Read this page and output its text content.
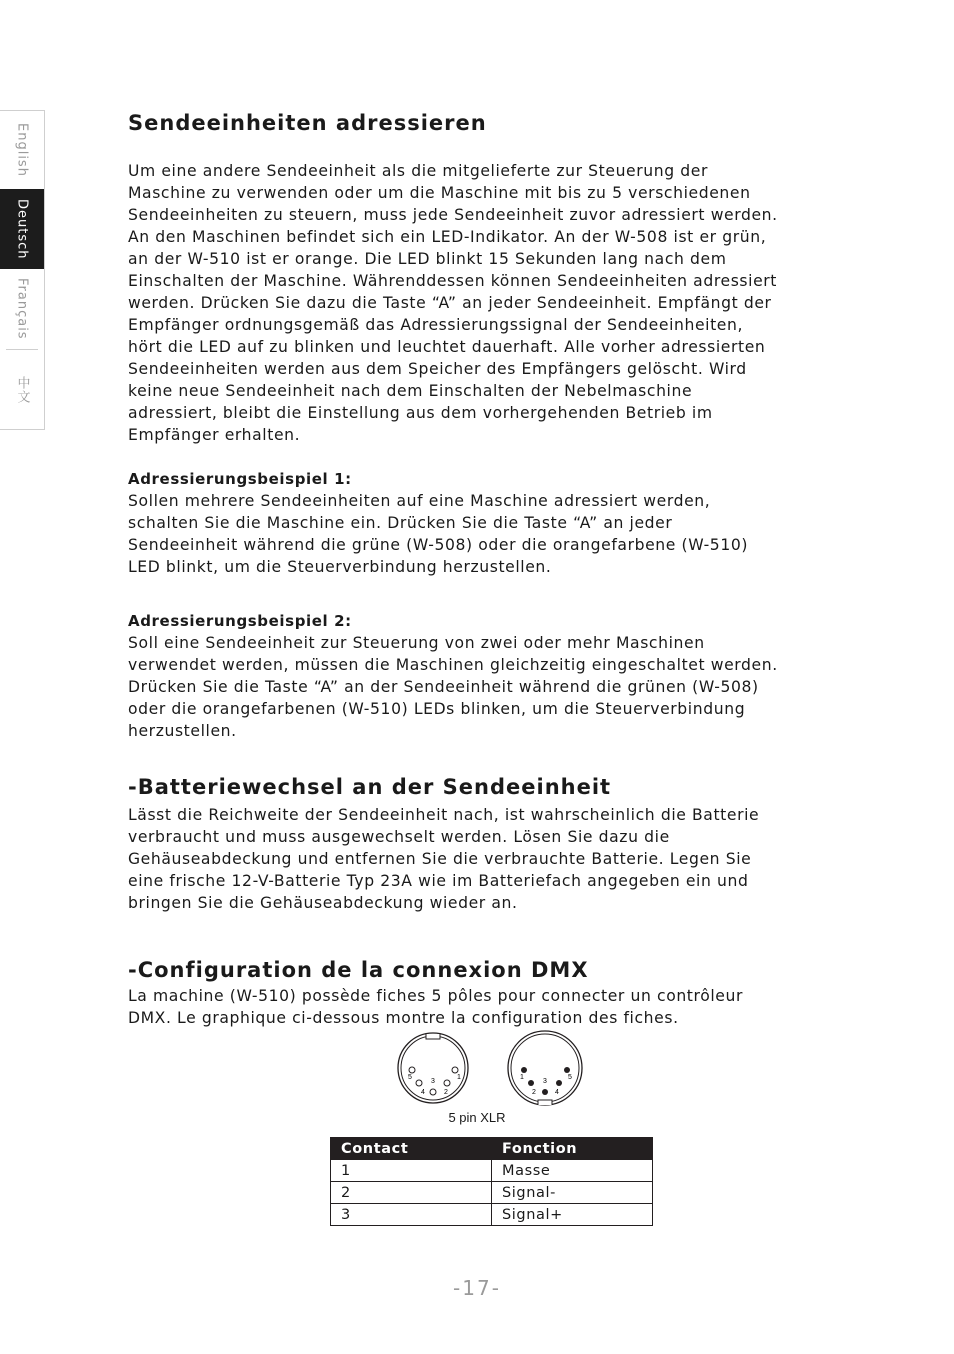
English
Deutsch
Français
中文
Sendeeinheiten adressieren

Um eine andere Sendeeinheit als die mitgelieferte zur Steuerung der

Maschine zu verwenden oder um die Maschine mit bis zu 5 verschiedenen

Sendeeinheiten zu steuern, muss jede Sendeeinheit zuvor adressiert werden.

An den Maschinen befindet sich ein LED-Indikator. An der W-508 ist er grün,

an der W-510 ist er orange. Die LED blinkt 15 Sekunden lang nach dem

Einschalten der Maschine. Währenddessen können Sendeeinheiten adressiert

werden. Drücken Sie dazu die Taste “A” an jeder Sendeeinheit. Empfängt der

Empfänger ordnungsgemäß das Adressierungssignal der Sendeeinheiten,

hört die LED auf zu blinken und leuchtet dauerhaft. Alle vorher adressierten

Sendeeinheiten werden aus dem Speicher des Empfängers gelöscht. Wird

keine neue Sendeeinheit nach dem Einschalten der Nebelmaschine

adressiert, bleibt die Einstellung aus dem vorhergehenden Betrieb im

Empfänger erhalten.

Adressierungsbeispiel 1:

Sollen mehrere Sendeeinheiten auf eine Maschine adressiert werden,

schalten Sie die Maschine ein. Drücken Sie die Taste “A” an jeder

Sendeeinheit während die grüne (W-508) oder die orangefarbene (W-510)

LED blinkt, um die Steuerverbindung herzustellen.

Adressierungsbeispiel 2:

Soll eine Sendeeinheit zur Steuerung von zwei oder mehr Maschinen

verwendet werden, müssen die Maschinen gleichzeitig eingeschaltet werden.

Drücken Sie die Taste “A” an der Sendeeinheit während die grünen (W-508)

oder die orangefarbenen (W-510) LEDs blinken, um die Steuerverbindung

herzustellen.

-Batteriewechsel an der Sendeeinheit

Lässt die Reichweite der Sendeeinheit nach, ist wahrscheinlich die Batterie

verbraucht und muss ausgewechselt werden. Lösen Sie dazu die

Gehäuseabdeckung und entfernen Sie die verbrauchte Batterie. Legen Sie

eine frische 12-V-Batterie Typ 23A wie im Batteriefach angegeben ein und

bringen Sie die Gehäuseabdeckung wieder an.

-Configuration de la connexion DMX

La machine (W-510) possède fiches 5 pôles pour connecter un contrôleur

DMX. Le graphique ci-dessous montre la configuration des fiches.

5	1
3
4	2
1	5
3
2	4
5 pin XLR
Contact	Fonction
1	Masse
2	Signal-
3	Signal+
-17-
